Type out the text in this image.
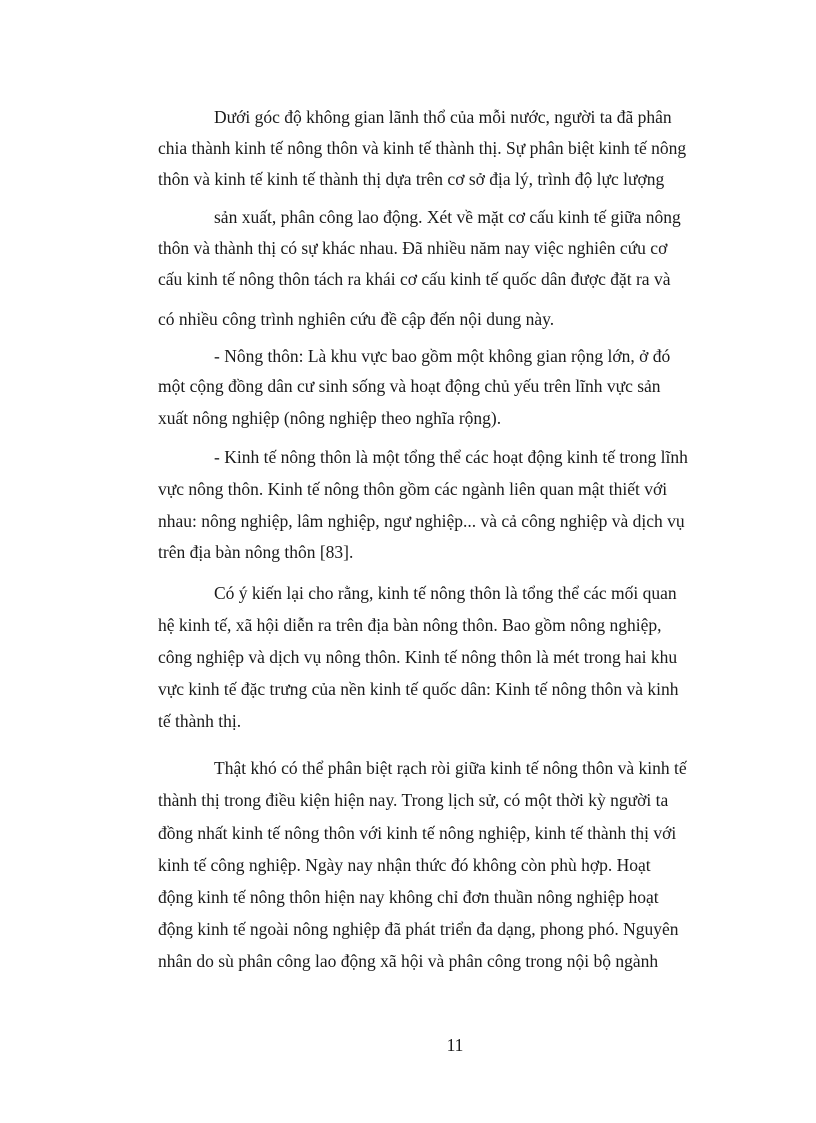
Dưới góc độ không gian lãnh thổ của mỗi nước, người ta đã phân
chia thành kinh tế nông thôn và kinh tế thành thị. Sự phân biệt kinh tế nông
thôn và kinh tế kinh tế thành thị dựa trên cơ sở địa lý, trình độ lực lượng
sản xuất, phân công lao động. Xét về mặt cơ cấu kinh tế giữa nông
thôn và thành thị có sự khác nhau. Đã nhiều năm nay việc nghiên cứu cơ
cấu kinh tế nông thôn tách ra khái cơ cấu kinh tế quốc dân được đặt ra và
có nhiều công trình nghiên cứu đề cập đến nội dung này.
- Nông thôn: Là khu vực bao gồm một không gian rộng lớn, ở đó
một cộng đồng dân cư sinh sống và hoạt động chủ yếu trên lĩnh vực sản
xuất nông nghiệp (nông nghiệp theo nghĩa rộng).
- Kinh tế nông thôn là một tổng thể các hoạt động kinh tế trong lĩnh
vực nông thôn. Kinh tế nông thôn gồm các ngành liên quan mật thiết với
nhau: nông nghiệp, lâm nghiệp, ngư nghiệp... và cả công nghiệp và dịch vụ
trên địa bàn nông thôn [83].
Có ý kiến lại cho rằng, kinh tế nông thôn là tổng thể các mối quan
hệ kinh tế, xã hội diễn ra trên địa bàn nông thôn. Bao gồm nông nghiệp,
công nghiệp và dịch vụ nông thôn. Kinh tế nông thôn là mét trong hai khu
vực kinh tế đặc trưng của nền kinh tế quốc dân: Kinh tế nông thôn và kinh
tế thành thị.
Thật khó có thể phân biệt rạch ròi giữa kinh tế nông thôn và kinh tế
thành thị trong điều kiện hiện nay. Trong lịch sử, có một thời kỳ người ta
đồng nhất kinh tế nông thôn với kinh tế nông nghiệp, kinh tế thành thị với
kinh tế công nghiệp. Ngày nay nhận thức đó không còn phù hợp. Hoạt
động kinh tế nông thôn hiện nay không chỉ đơn thuần nông nghiệp hoạt
động kinh tế ngoài nông nghiệp đã phát triển đa dạng, phong phó. Nguyên
nhân do sù phân công lao động xã hội và phân công trong nội bộ ngành
11
